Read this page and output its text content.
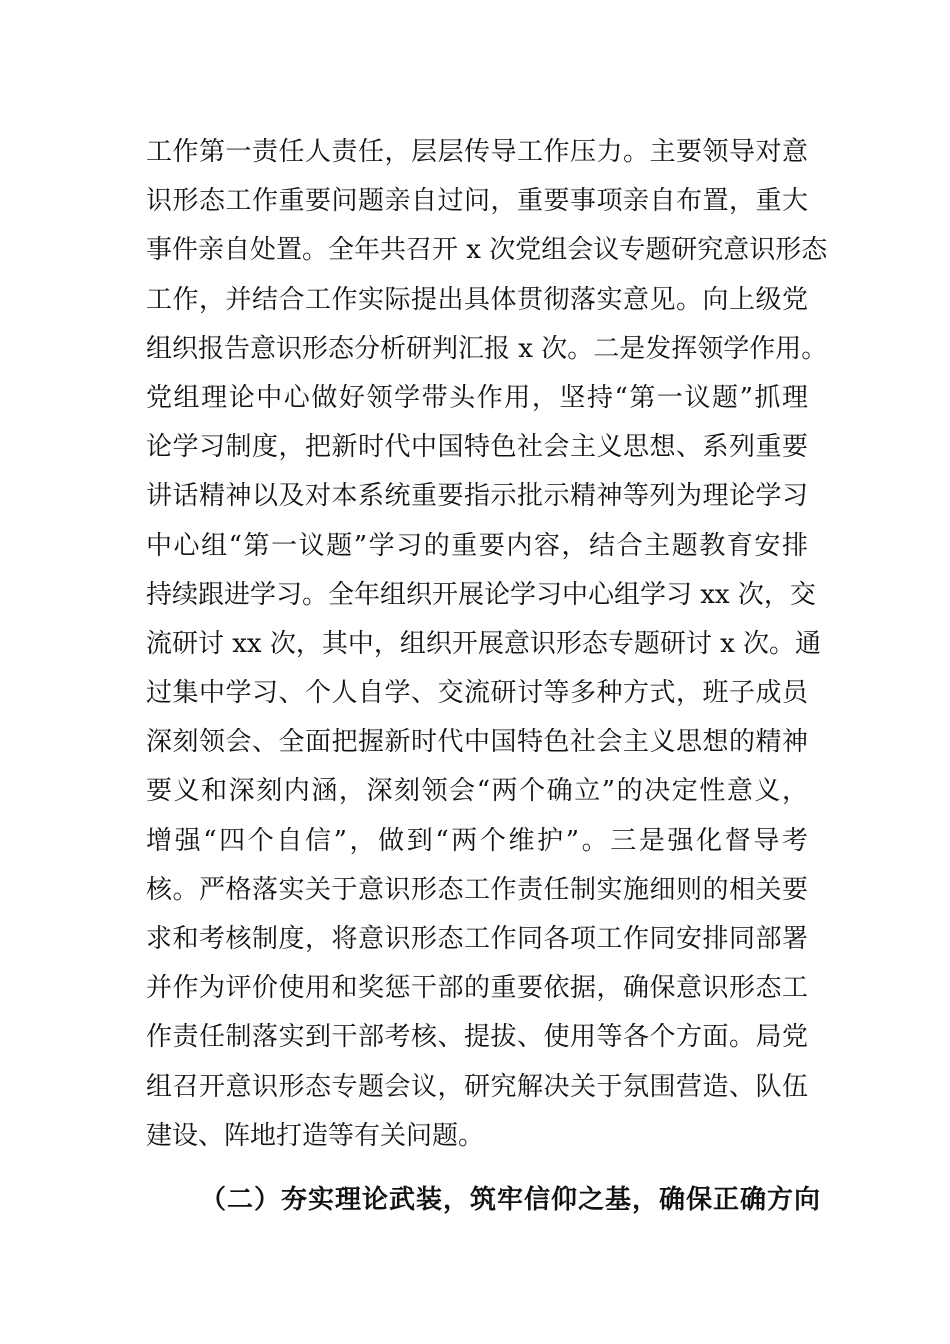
工作第一责任人责任，层层传导工作压力。主要领导对意
识形态工作重要问题亲自过问，重要事项亲自布置，重大
事件亲自处置。全年共召开 x 次党组会议专题研究意识形态
工作，并结合工作实际提出具体贯彻落实意见。向上级党
组织报告意识形态分析研判汇报 x 次。二是发挥领学作用。
党组理论中心做好领学带头作用，坚持“第一议题”抓理
论学习制度，把新时代中国特色社会主义思想、系列重要
讲话精神以及对本系统重要指示批示精神等列为理论学习
中心组“第一议题”学习的重要内容，结合主题教育安排
持续跟进学习。全年组织开展论学习中心组学习 xx 次，交
流研讨 xx 次，其中，组织开展意识形态专题研讨 x 次。通
过集中学习、个人自学、交流研讨等多种方式，班子成员
深刻领会、全面把握新时代中国特色社会主义思想的精神
要义和深刻内涵，深刻领会“两个确立”的决定性意义，
增强“四个自信”，做到“两个维护”。三是强化督导考
核。严格落实关于意识形态工作责任制实施细则的相关要
求和考核制度，将意识形态工作同各项工作同安排同部署
并作为评价使用和奖惩干部的重要依据，确保意识形态工
作责任制落实到干部考核、提拔、使用等各个方面。局党
组召开意识形态专题会议，研究解决关于氛围营造、队伍
建设、阵地打造等有关问题。
（二）夯实理论武装，筑牢信仰之基，确保正确方向
